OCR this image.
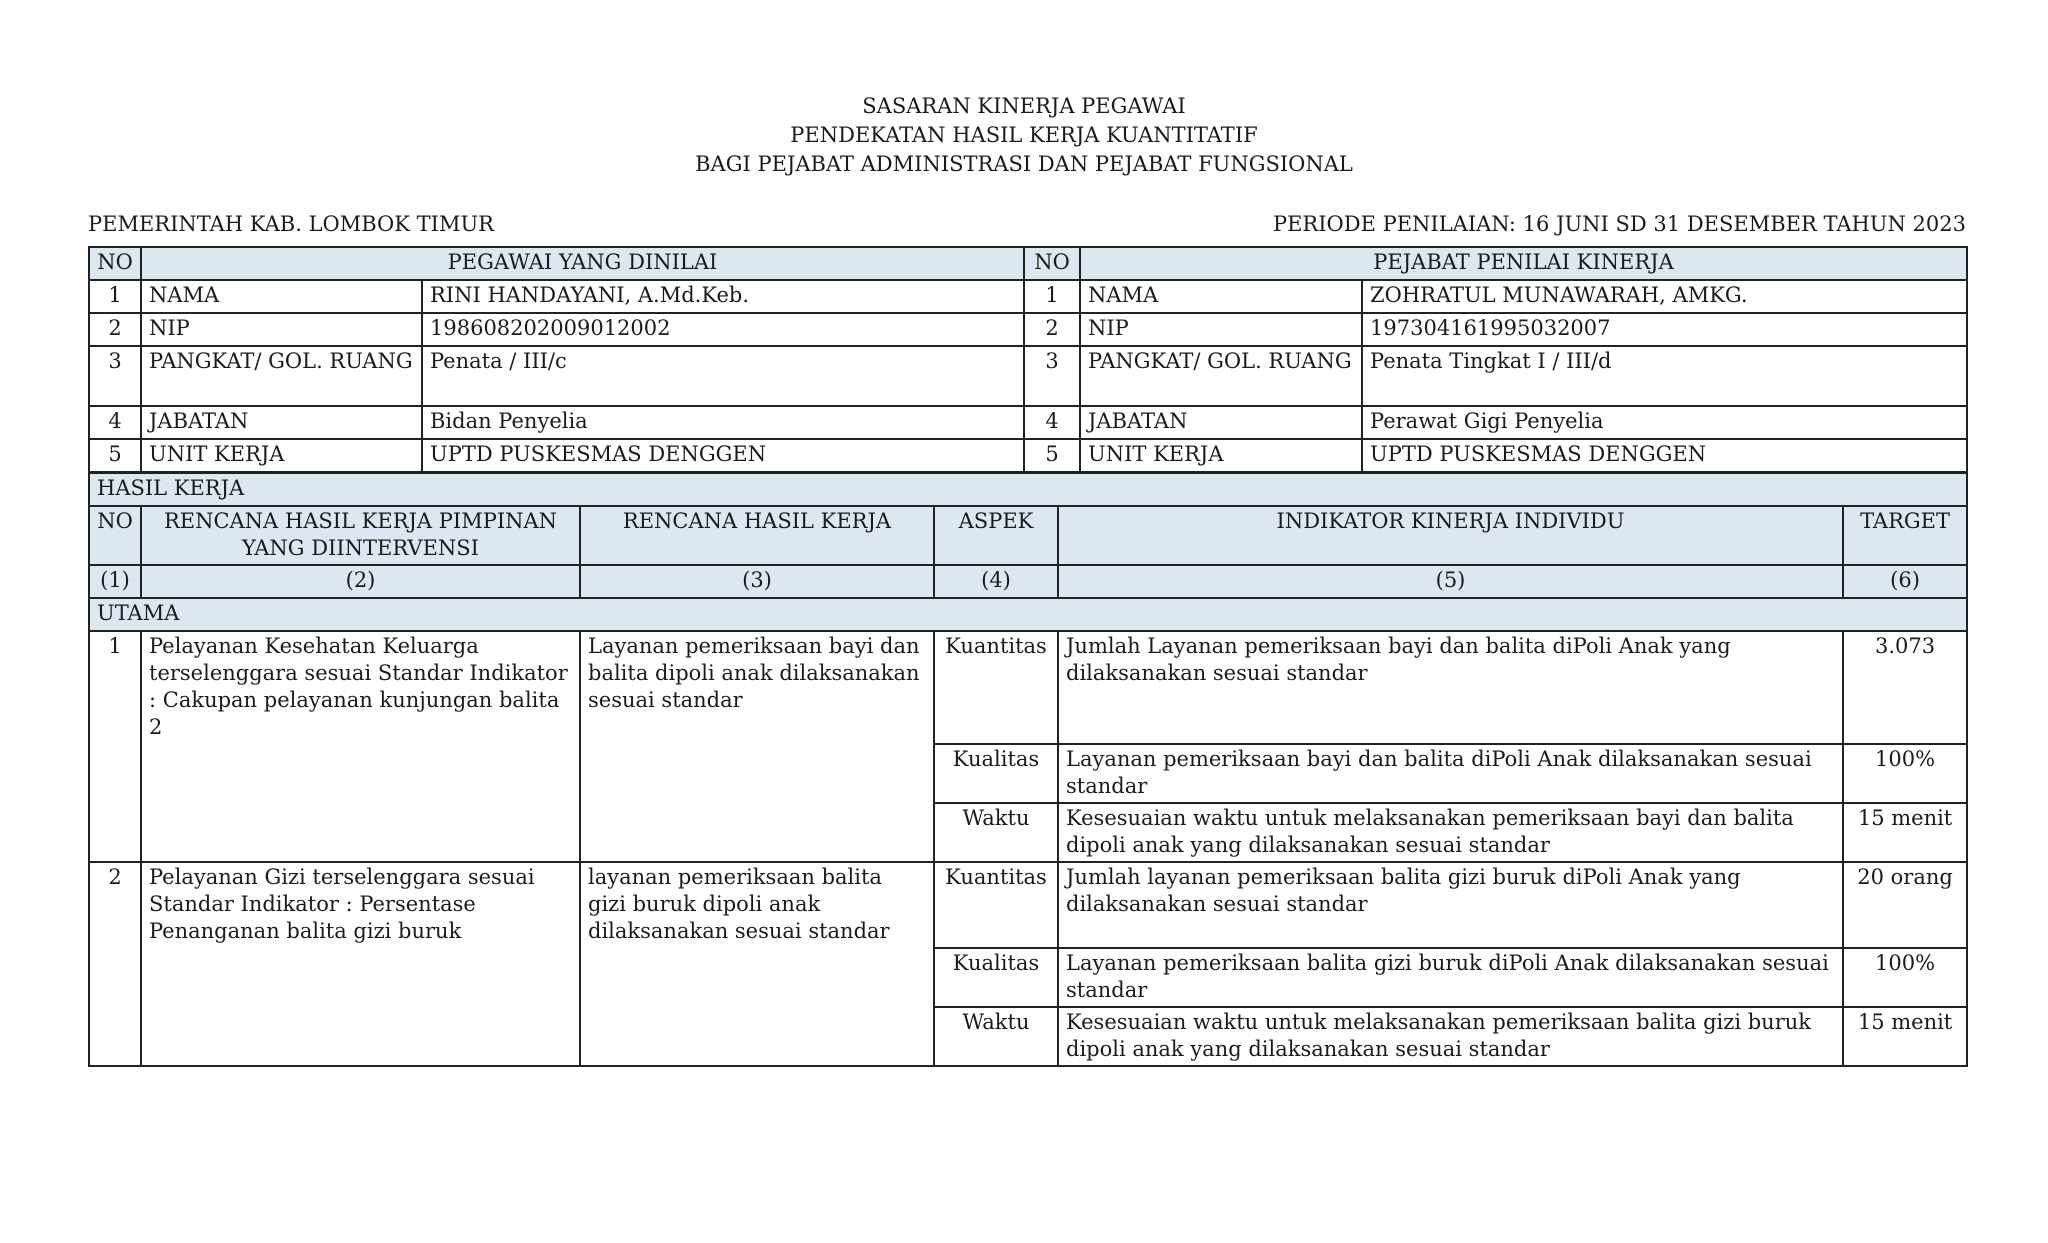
SASARAN KINERJA PEGAWAI
PENDEKATAN HASIL KERJA KUANTITATIF
BAGI PEJABAT ADMINISTRASI DAN PEJABAT FUNGSIONAL
PEMERINTAH KAB. LOMBOK TIMUR	PERIODE PENILAIAN: 16 JUNI SD 31 DESEMBER TAHUN 2023
NO	PEGAWAI YANG DINILAI		NO	PEJABAT PENILAI KINERJA	
1	NAMA	RINI HANDAYANI, A.Md.Keb.	1	NAMA	ZOHRATUL MUNAWARAH, AMKG.
2	NIP	198608202009012002	2	NIP	197304161995032007
3	PANGKAT/ GOL. RUANG	Penata / III/c	3	PANGKAT/ GOL. RUANG	Penata Tingkat I / III/d
4	JABATAN	Bidan Penyelia	4	JABATAN	Perawat Gigi Penyelia
5	UNIT KERJA	UPTD PUSKESMAS DENGGEN	5	UNIT KERJA	UPTD PUSKESMAS DENGGEN
HASIL KERJA					
NO	RENCANA HASIL KERJA PIMPINAN YANG DIINTERVENSI	RENCANA HASIL KERJA	ASPEK	INDIKATOR KINERJA INDIVIDU	TARGET
(1)	(2)	(3)	(4)	(5)	(6)
UTAMA					
1	Pelayanan Kesehatan Keluarga terselenggara sesuai Standar Indikator : Cakupan pelayanan kunjungan balita 2	Layanan pemeriksaan bayi dan balita dipoli anak dilaksanakan sesuai standar	Kuantitas	Jumlah Layanan pemeriksaan bayi dan balita diPoli Anak yang dilaksanakan sesuai standar	3.073
			Kualitas	Layanan pemeriksaan bayi dan balita diPoli Anak dilaksanakan sesuai standar	100%
			Waktu	Kesesuaian waktu untuk melaksanakan pemeriksaan bayi dan balita dipoli anak yang dilaksanakan sesuai standar	15 menit
2	Pelayanan Gizi terselenggara sesuai Standar Indikator : Persentase Penanganan balita gizi buruk	layanan pemeriksaan balita gizi buruk dipoli anak dilaksanakan sesuai standar	Kuantitas	Jumlah layanan pemeriksaan balita gizi buruk diPoli Anak yang dilaksanakan sesuai standar	20 orang
			Kualitas	Layanan pemeriksaan balita gizi buruk diPoli Anak dilaksanakan sesuai standar	100%
			Waktu	Kesesuaian waktu untuk melaksanakan pemeriksaan balita gizi buruk dipoli anak yang dilaksanakan sesuai standar	15 menit
